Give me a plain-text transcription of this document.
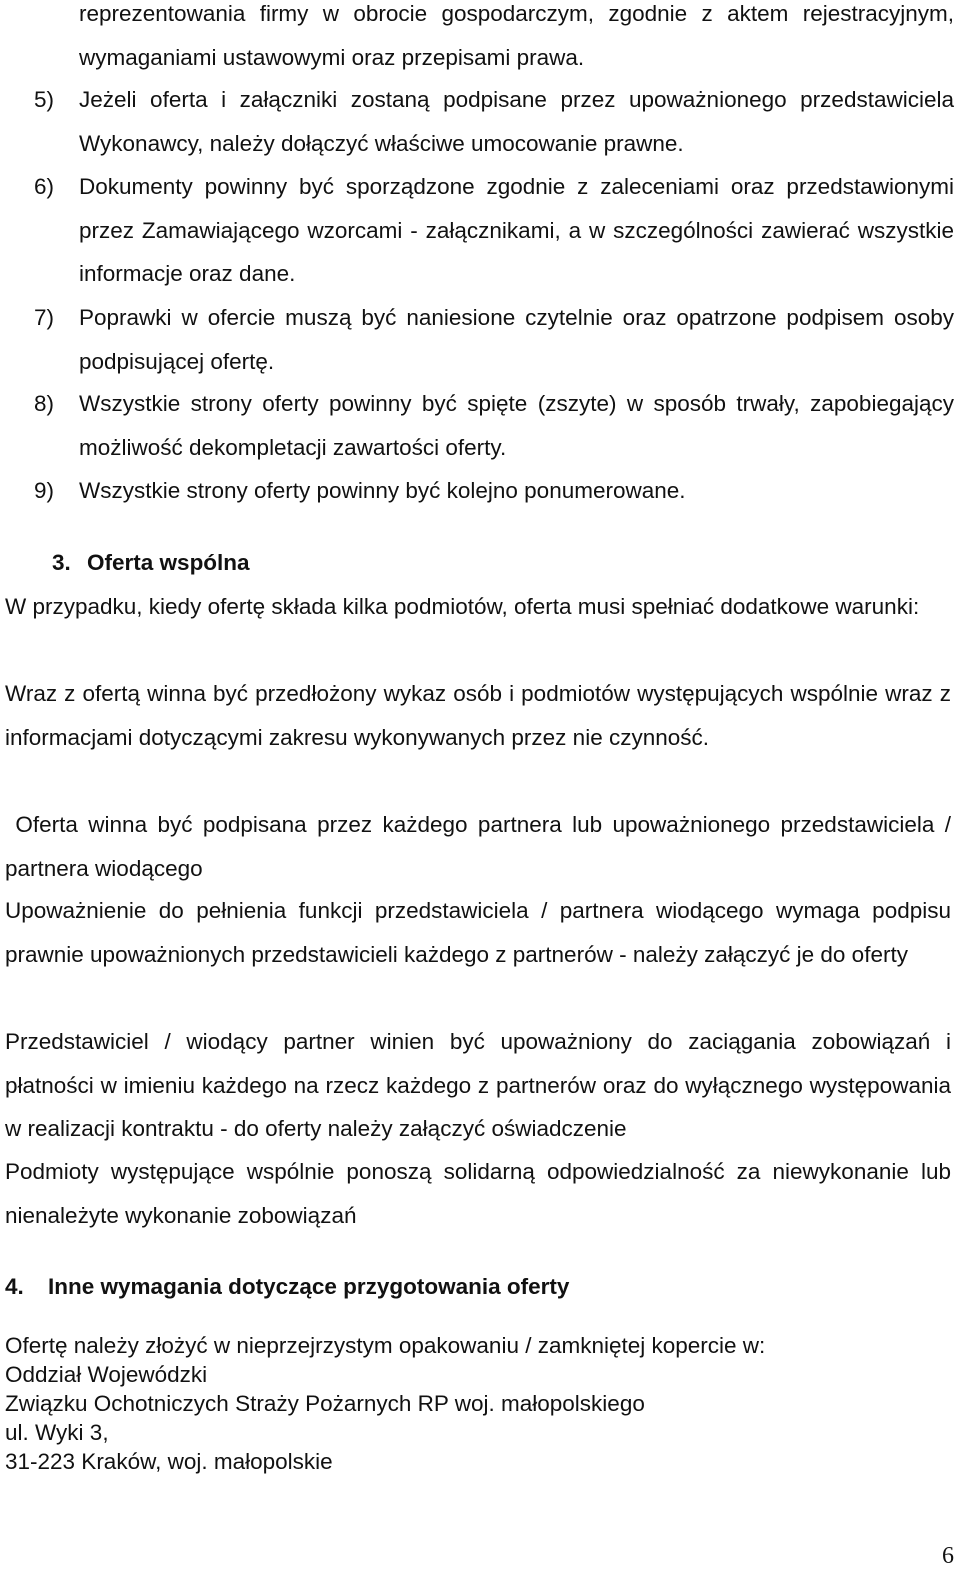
reprezentowania firmy w obrocie gospodarczym, zgodnie z aktem rejestracyjnym, wymaganiami ustawowymi oraz przepisami prawa.
5) Jeżeli oferta i załączniki zostaną podpisane przez upoważnionego przedstawiciela Wykonawcy, należy dołączyć właściwe umocowanie prawne.
6) Dokumenty powinny być sporządzone zgodnie z zaleceniami oraz przedstawionymi przez Zamawiającego wzorcami - załącznikami, a w szczególności zawierać wszystkie informacje oraz dane.
7) Poprawki w ofercie muszą być naniesione czytelnie oraz opatrzone podpisem osoby podpisującej ofertę.
8) Wszystkie strony oferty powinny być spięte (zszyte) w sposób trwały, zapobiegający możliwość dekompletacji zawartości oferty.
9) Wszystkie strony oferty powinny być kolejno ponumerowane.
3. Oferta wspólna
W przypadku, kiedy ofertę składa kilka podmiotów, oferta musi spełniać dodatkowe warunki:
Wraz z ofertą winna być przedłożony wykaz osób i podmiotów występujących wspólnie wraz z informacjami dotyczącymi zakresu wykonywanych przez nie czynność.
Oferta winna być podpisana przez każdego partnera lub upoważnionego przedstawiciela / partnera wiodącego
Upoważnienie do pełnienia funkcji przedstawiciela / partnera wiodącego wymaga podpisu prawnie upoważnionych przedstawicieli każdego z partnerów - należy załączyć je do oferty
Przedstawiciel / wiodący partner winien być upoważniony do zaciągania zobowiązań i płatności w imieniu każdego na rzecz każdego z partnerów oraz do wyłącznego występowania w realizacji kontraktu - do oferty należy załączyć oświadczenie
Podmioty występujące wspólnie ponoszą solidarną odpowiedzialność za niewykonanie lub nienależyte wykonanie zobowiązań
4. Inne wymagania dotyczące przygotowania oferty
Ofertę należy złożyć w nieprzejrzystym opakowaniu / zamkniętej kopercie w:
Oddział Wojewódzki
Związku Ochotniczych Straży Pożarnych RP woj. małopolskiego
ul. Wyki 3,
31-223 Kraków, woj. małopolskie
6
